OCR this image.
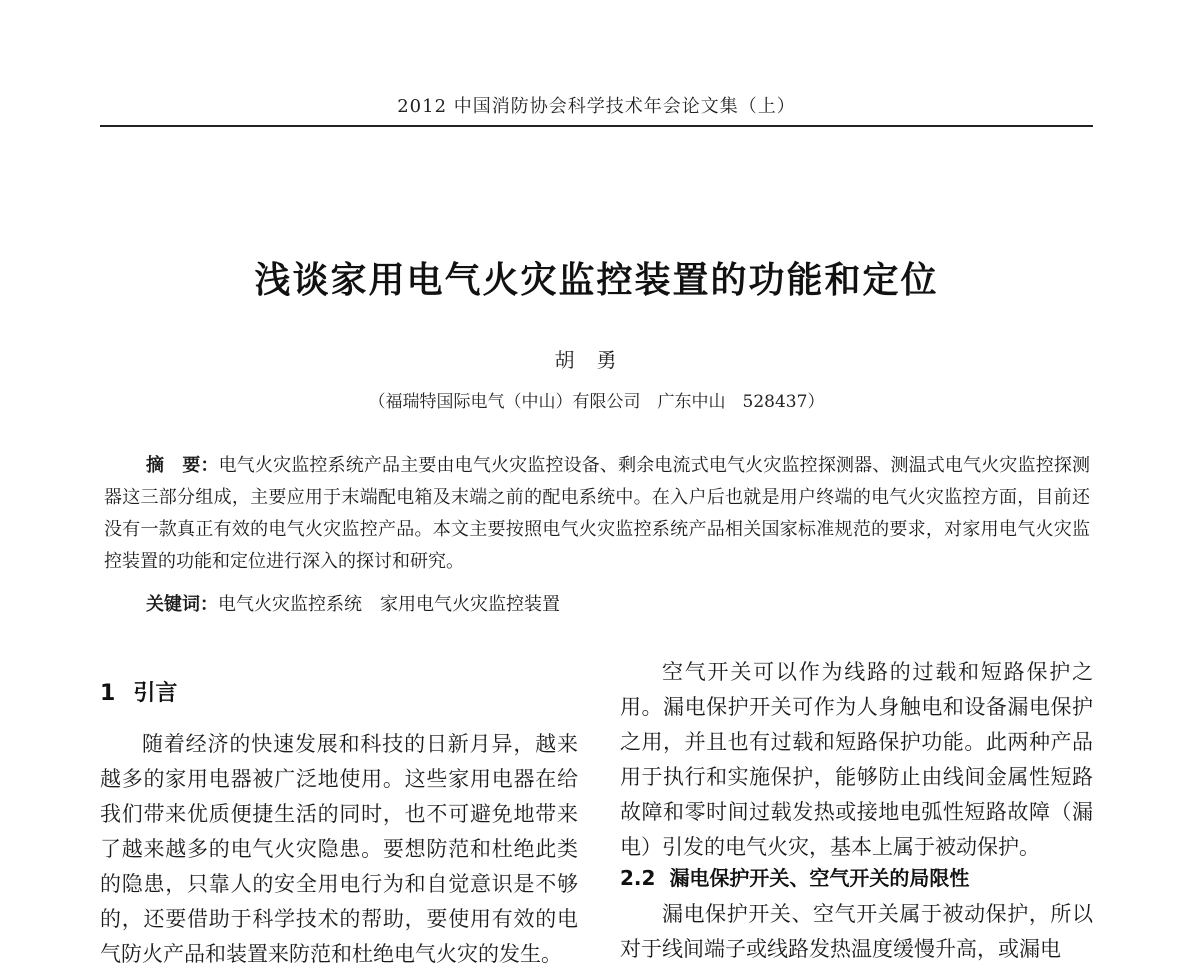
2012 中国消防协会科学技术年会论文集（上）
浅谈家用电气火灾监控装置的功能和定位
胡勇
（福瑞特国际电气（中山）有限公司　广东中山　528437）
摘　要：电气火灾监控系统产品主要由电气火灾监控设备、剩余电流式电气火灾监控探测器、测温式电气火灾监控探测器这三部分组成，主要应用于末端配电箱及末端之前的配电系统中。在入户后也就是用户终端的电气火灾监控方面，目前还没有一款真正有效的电气火灾监控产品。本文主要按照电气火灾监控系统产品相关国家标准规范的要求，对家用电气火灾监控装置的功能和定位进行深入的探讨和研究。
关键词：电气火灾监控系统　家用电气火灾监控装置
1 引言

随着经济的快速发展和科技的日新月异，越来越多的家用电器被广泛地使用。这些家用电器在给我们带来优质便捷生活的同时，也不可避免地带来了越来越多的电气火灾隐患。要想防范和杜绝此类的隐患，只靠人的安全用电行为和自觉意识是不够的，还要借助于科学技术的帮助，要使用有效的电气防火产品和装置来防范和杜绝电气火灾的发生。

空气开关可以作为线路的过载和短路保护之用。漏电保护开关可作为人身触电和设备漏电保护之用，并且也有过载和短路保护功能。此两种产品用于执行和实施保护，能够防止由线间金属性短路故障和零时间过载发热或接地电弧性短路故障（漏电）引发的电气火灾，基本上属于被动保护。

2.2 漏电保护开关、空气开关的局限性

漏电保护开关、空气开关属于被动保护，所以对于线间端子或线路发热温度缓慢升高，或漏电
